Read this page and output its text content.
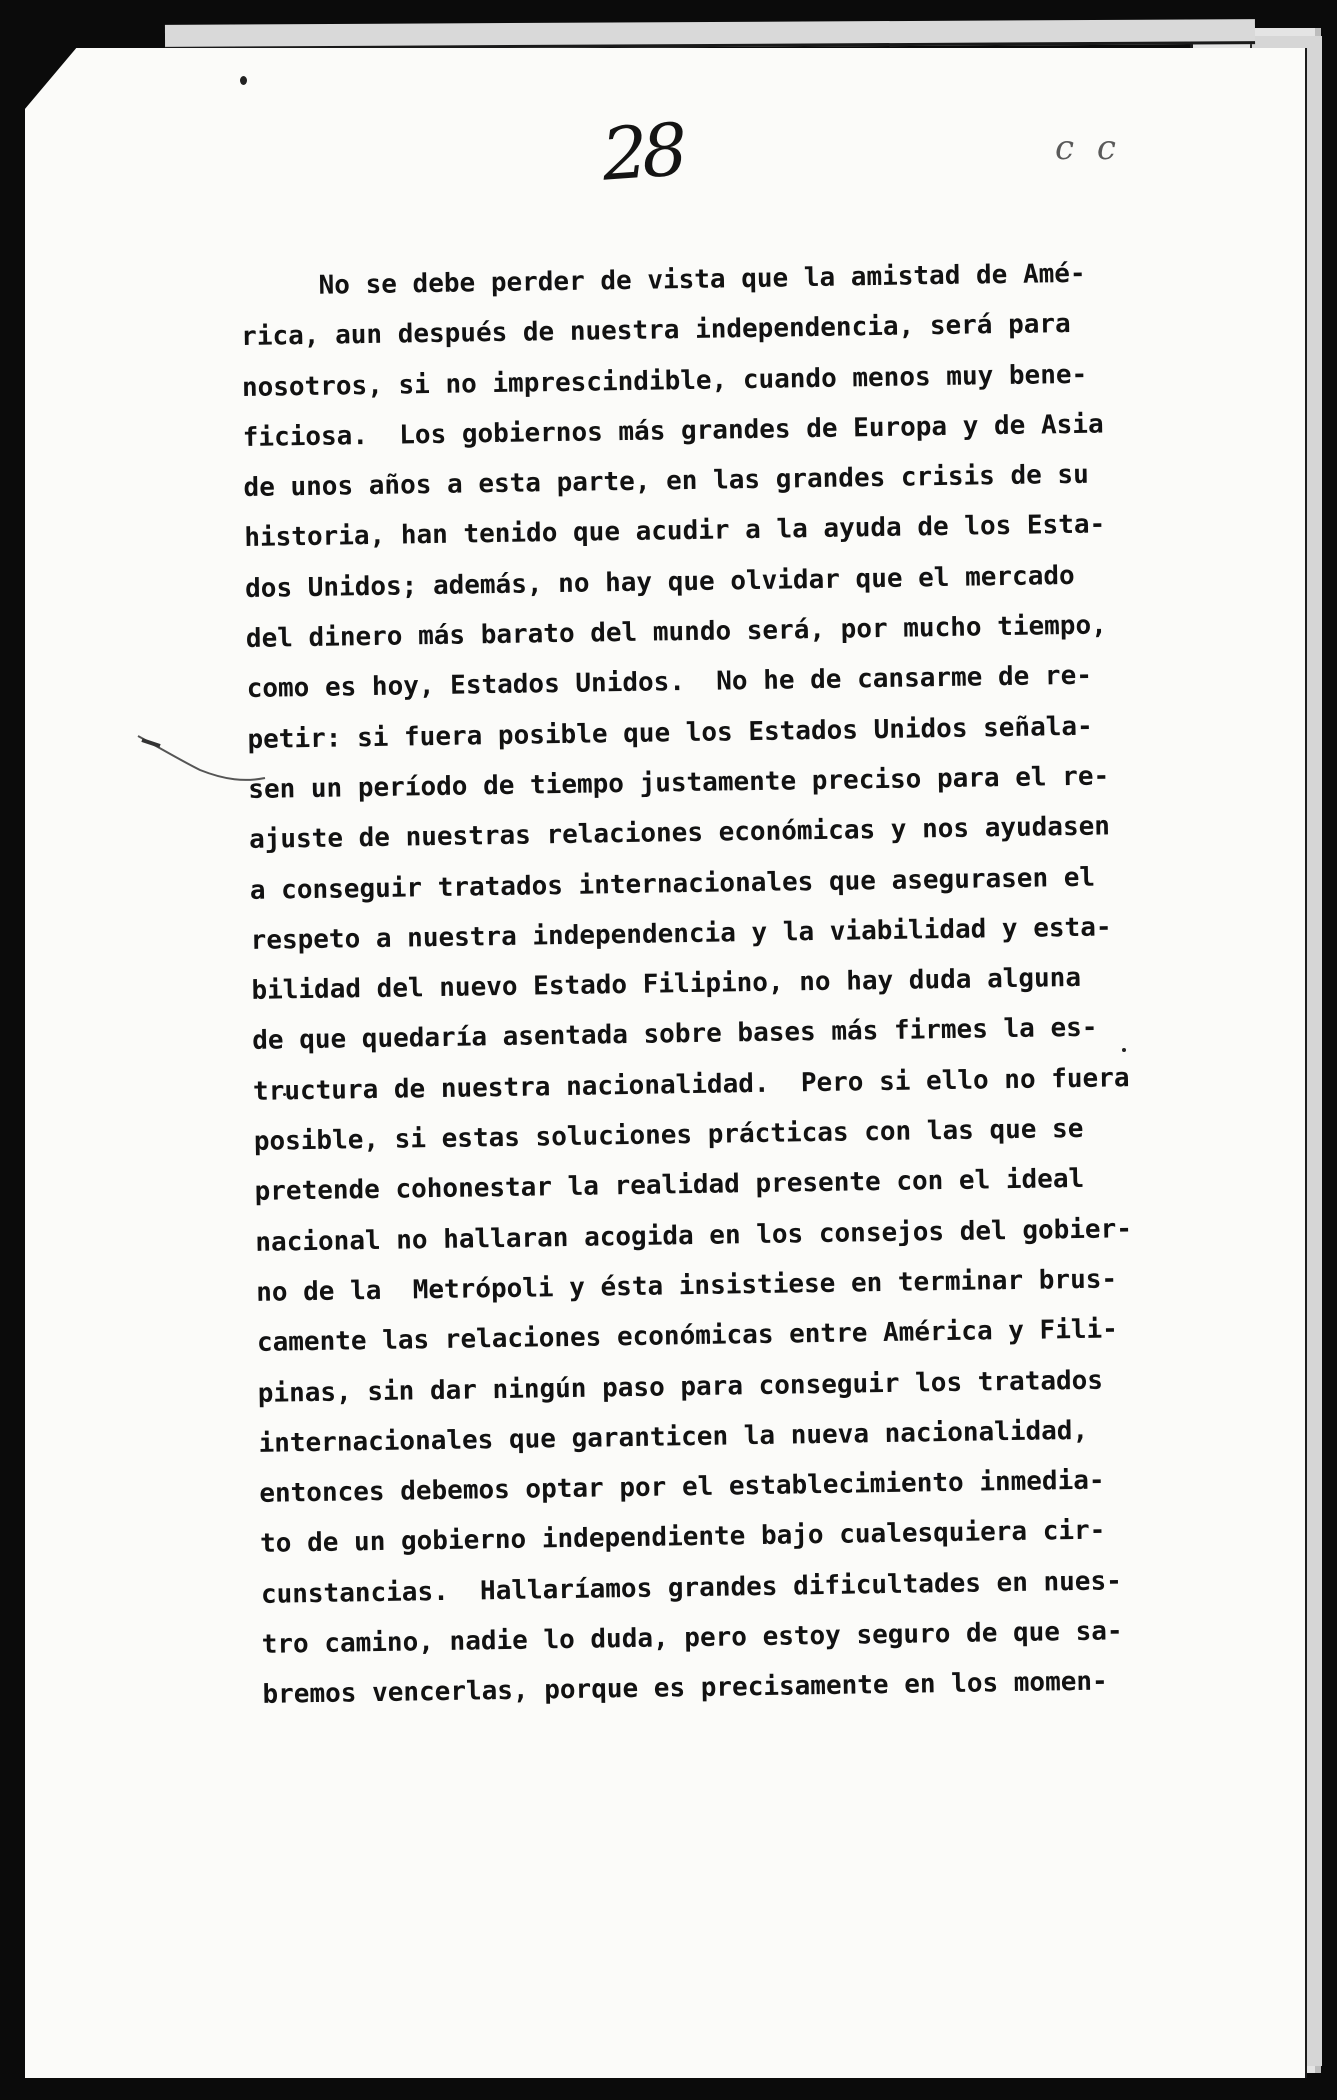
28	c c
No se debe perder de vista que la amistad de Amé-
rica, aun después de nuestra independencia, será para
nosotros, si no imprescindible, cuando menos muy bene-
ficiosa.  Los gobiernos más grandes de Europa y de Asia
de unos años a esta parte, en las grandes crisis de su
historia, han tenido que acudir a la ayuda de los Esta-
dos Unidos; además, no hay que olvidar que el mercado
del dinero más barato del mundo será, por mucho tiempo,
como es hoy, Estados Unidos.  No he de cansarme de re-
petir: si fuera posible que los Estados Unidos señala-
sen un período de tiempo justamente preciso para el re-
ajuste de nuestras relaciones económicas y nos ayudasen
a conseguir tratados internacionales que asegurasen el
respeto a nuestra independencia y la viabilidad y esta-
bilidad del nuevo Estado Filipino, no hay duda alguna
de que quedaría asentada sobre bases más firmes la es-
tructura de nuestra nacionalidad.  Pero si ello no fuera
posible, si estas soluciones prácticas con las que se
pretende cohonestar la realidad presente con el ideal
nacional no hallaran acogida en los consejos del gobier-
no de la  Metrópoli y ésta insistiese en terminar brus-
camente las relaciones económicas entre América y Fili-
pinas, sin dar ningún paso para conseguir los tratados
internacionales que garanticen la nueva nacionalidad,
entonces debemos optar por el establecimiento inmedia-
to de un gobierno independiente bajo cualesquiera cir-
cunstancias.  Hallaríamos grandes dificultades en nues-
tro camino, nadie lo duda, pero estoy seguro de que sa-
bremos vencerlas, porque es precisamente en los momen-
